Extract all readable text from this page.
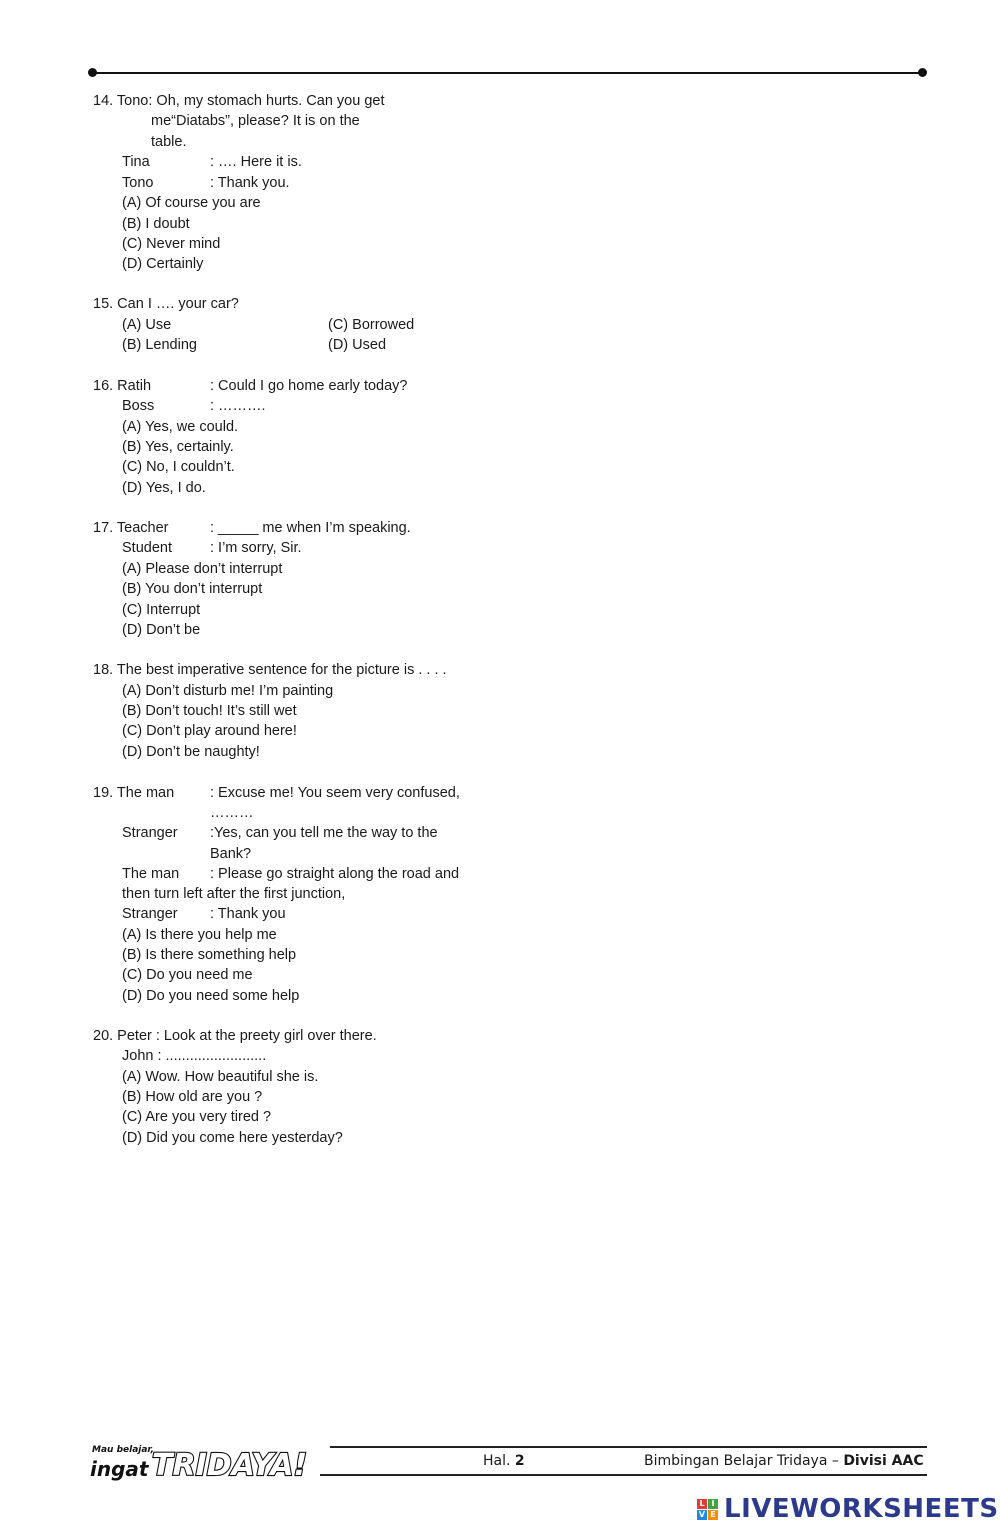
14. Tono: Oh, my stomach hurts. Can you get
me“Diatabs”, please? It is on the
table.
Tina	: …. Here it is.
Tono	: Thank you.
(A) Of course you are
(B) I doubt
(C) Never mind
(D) Certainly
15. Can I …. your car?
(A) Use	(C) Borrowed
(B) Lending	(D) Used
16. Ratih	: Could I go home early today?
Boss	: ……….
(A) Yes, we could.
(B) Yes, certainly.
(C) No, I couldn’t.
(D) Yes, I do.
17. Teacher	: _____ me when I’m speaking.
Student	: I’m sorry, Sir.
(A) Please don’t interrupt
(B) You don’t interrupt
(C) Interrupt
(D) Don’t be
18. The best imperative sentence for the picture is . . . .
(A) Don’t disturb me! I’m painting
(B) Don’t touch! It’s still wet
(C) Don’t play around here!
(D) Don’t be naughty!
19. The man : Excuse me! You seem very confused,
………
Stranger :Yes, can you tell me the way to the
Bank?
The man : Please go straight along the road and
then turn left after the first junction,
Stranger : Thank you
(A) Is there you help me
(B) Is there something help
(C) Do you need me
(D) Do you need some help
20. Peter : Look at the preety girl over there.
John : .........................
(A) Wow. How beautiful she is.
(B) How old are you ?
(C) Are you very tired ?
(D) Did you come here yesterday?
Mau belajar,
ingat TRIDAYA!	Hal. 2	Bimbingan Belajar Tridaya – Divisi AAC
L I
V E LIVEWORKSHEETS
